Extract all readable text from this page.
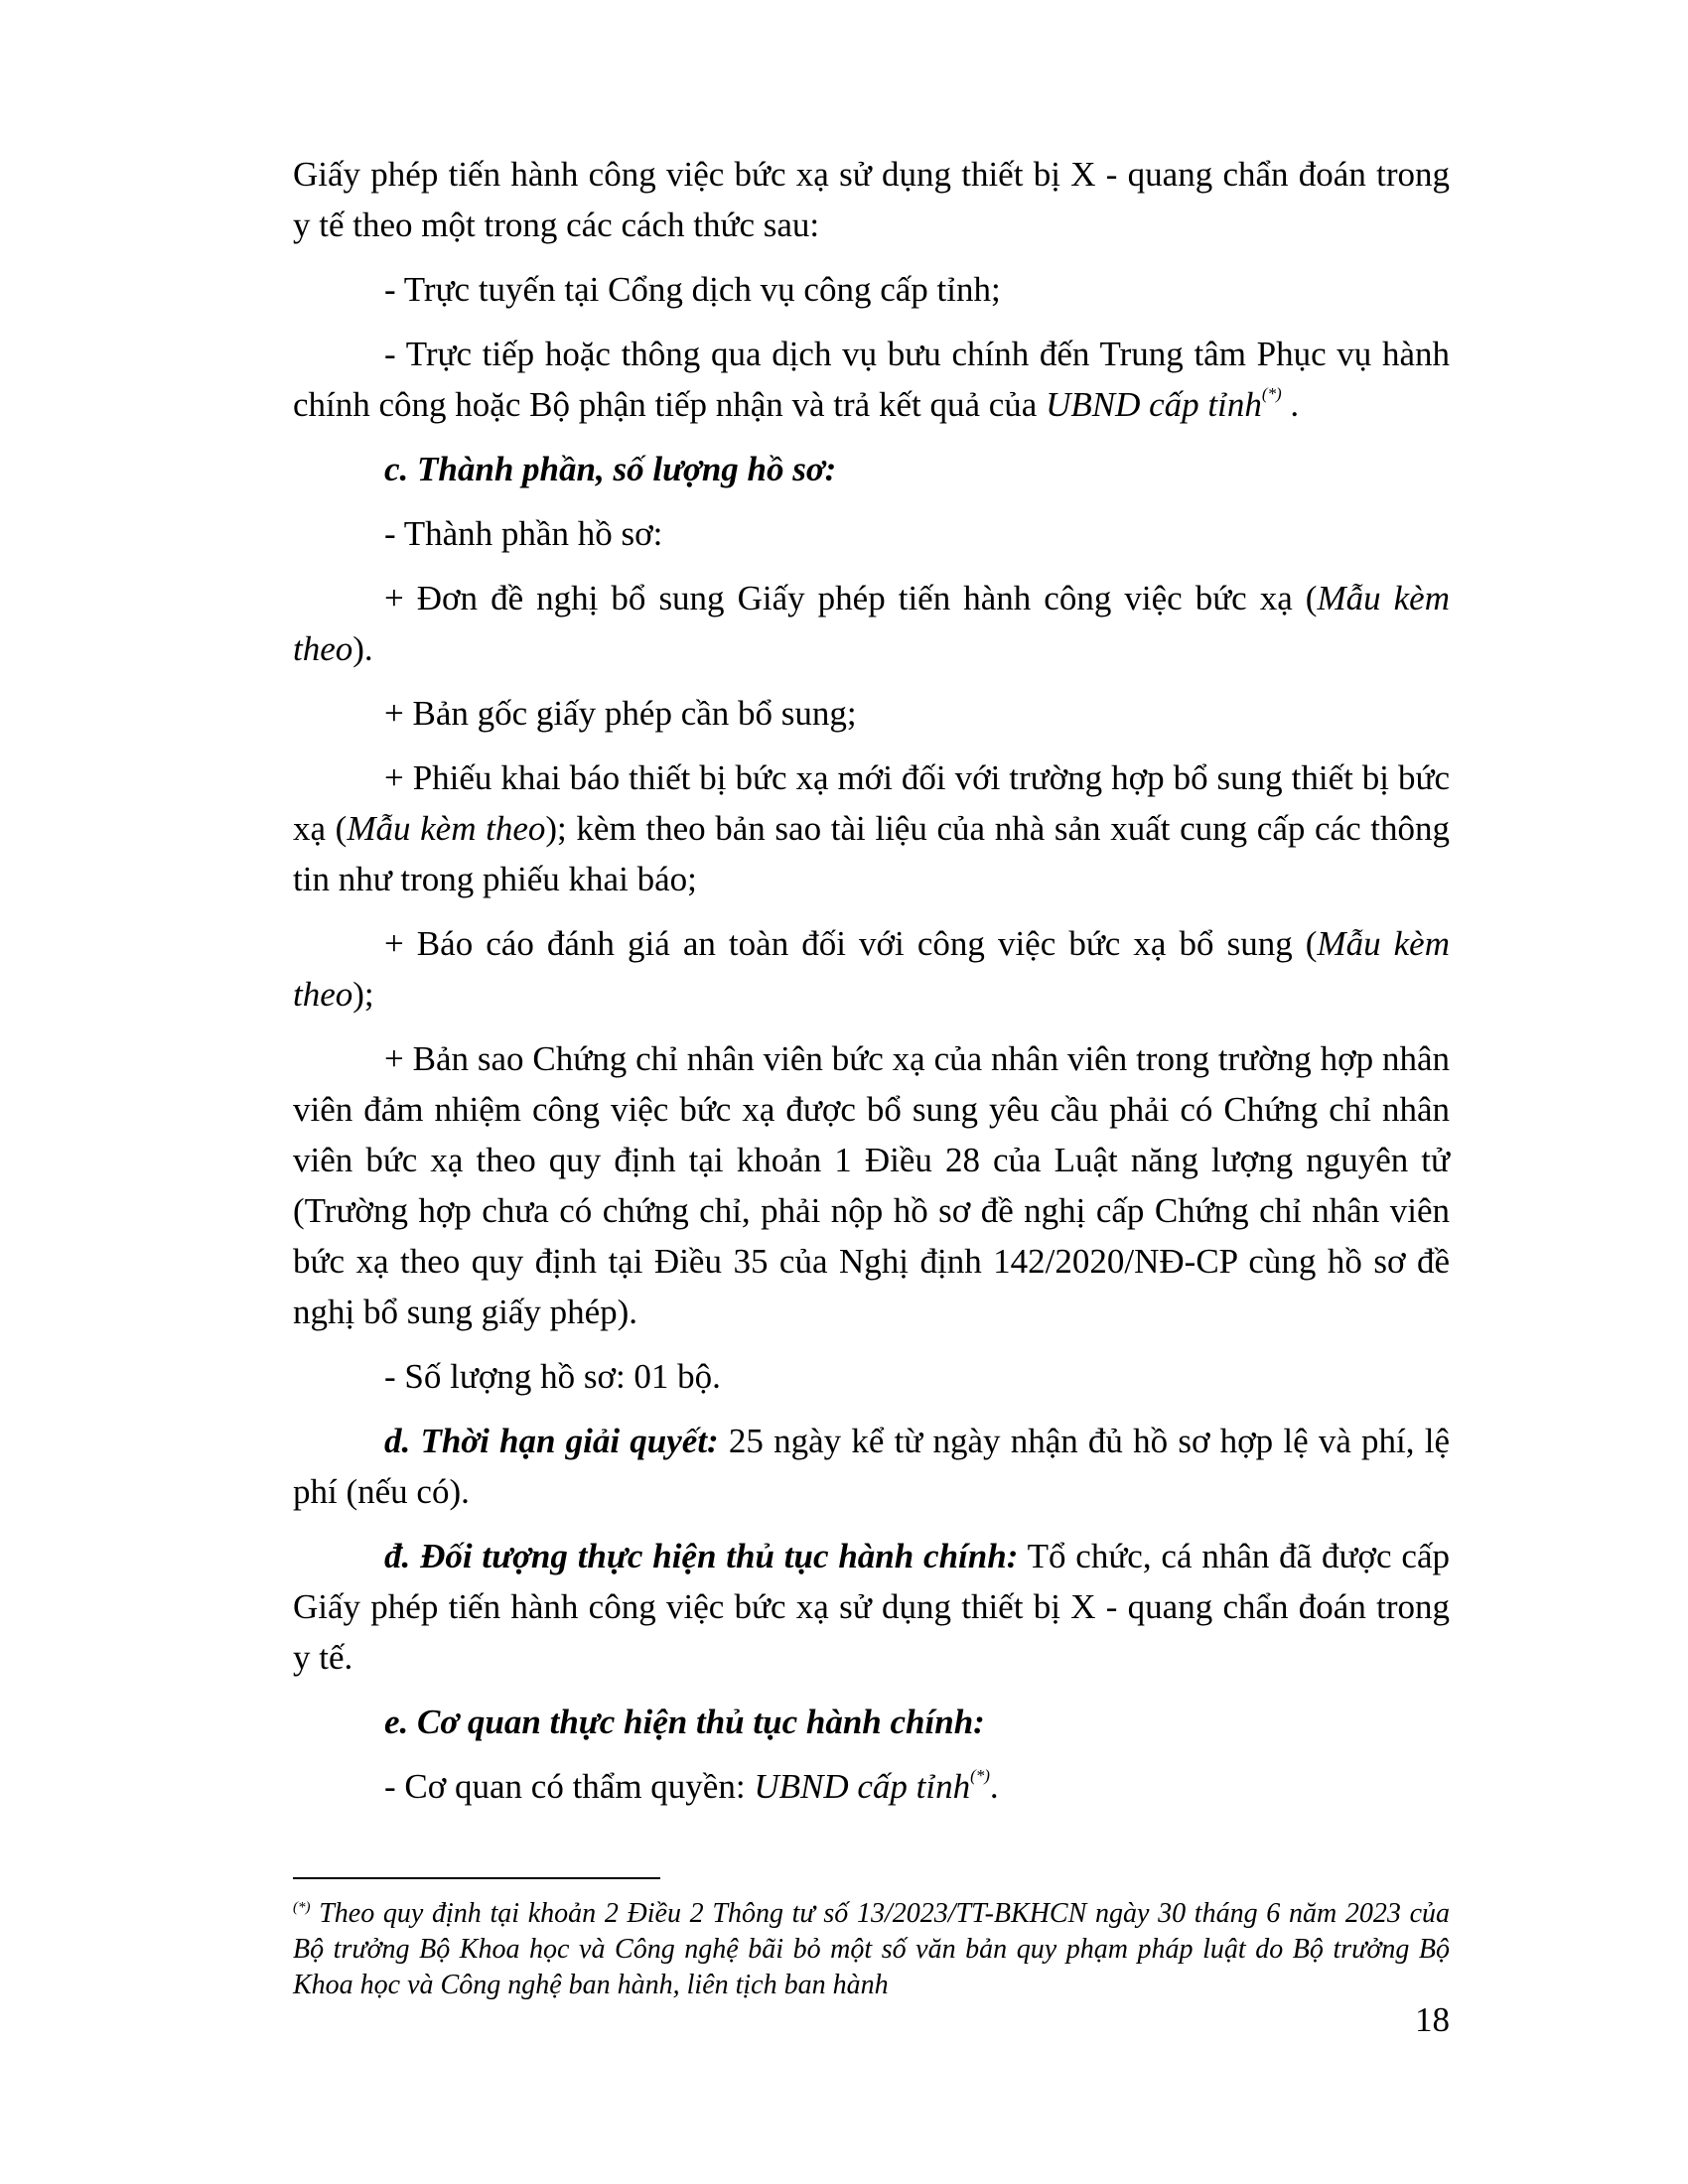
Giấy phép tiến hành công việc bức xạ sử dụng thiết bị X - quang chẩn đoán trong y tế theo một trong các cách thức sau:

- Trực tuyến tại Cổng dịch vụ công cấp tỉnh;

- Trực tiếp hoặc thông qua dịch vụ bưu chính đến Trung tâm Phục vụ hành chính công hoặc Bộ phận tiếp nhận và trả kết quả của UBND cấp tỉnh(*) .

c. Thành phần, số lượng hồ sơ:

- Thành phần hồ sơ:

+ Đơn đề nghị bổ sung Giấy phép tiến hành công việc bức xạ (Mẫu kèm theo).

+ Bản gốc giấy phép cần bổ sung;

+ Phiếu khai báo thiết bị bức xạ mới đối với trường hợp bổ sung thiết bị bức xạ (Mẫu kèm theo); kèm theo bản sao tài liệu của nhà sản xuất cung cấp các thông tin như trong phiếu khai báo;

+ Báo cáo đánh giá an toàn đối với công việc bức xạ bổ sung (Mẫu kèm theo);

+ Bản sao Chứng chỉ nhân viên bức xạ của nhân viên trong trường hợp nhân viên đảm nhiệm công việc bức xạ được bổ sung yêu cầu phải có Chứng chỉ nhân viên bức xạ theo quy định tại khoản 1 Điều 28 của Luật năng lượng nguyên tử (Trường hợp chưa có chứng chỉ, phải nộp hồ sơ đề nghị cấp Chứng chỉ nhân viên bức xạ theo quy định tại Điều 35 của Nghị định 142/2020/NĐ-CP cùng hồ sơ đề nghị bổ sung giấy phép).

- Số lượng hồ sơ: 01 bộ.

d. Thời hạn giải quyết: 25 ngày kể từ ngày nhận đủ hồ sơ hợp lệ và phí, lệ phí (nếu có).

đ. Đối tượng thực hiện thủ tục hành chính: Tổ chức, cá nhân đã được cấp Giấy phép tiến hành công việc bức xạ sử dụng thiết bị X - quang chẩn đoán trong y tế.

e. Cơ quan thực hiện thủ tục hành chính:

- Cơ quan có thẩm quyền: UBND cấp tỉnh(*).

(*) Theo quy định tại khoản 2 Điều 2 Thông tư số 13/2023/TT-BKHCN ngày 30 tháng 6 năm 2023 của Bộ trưởng Bộ Khoa học và Công nghệ bãi bỏ một số văn bản quy phạm pháp luật do Bộ trưởng Bộ Khoa học và Công nghệ ban hành, liên tịch ban hành
18
